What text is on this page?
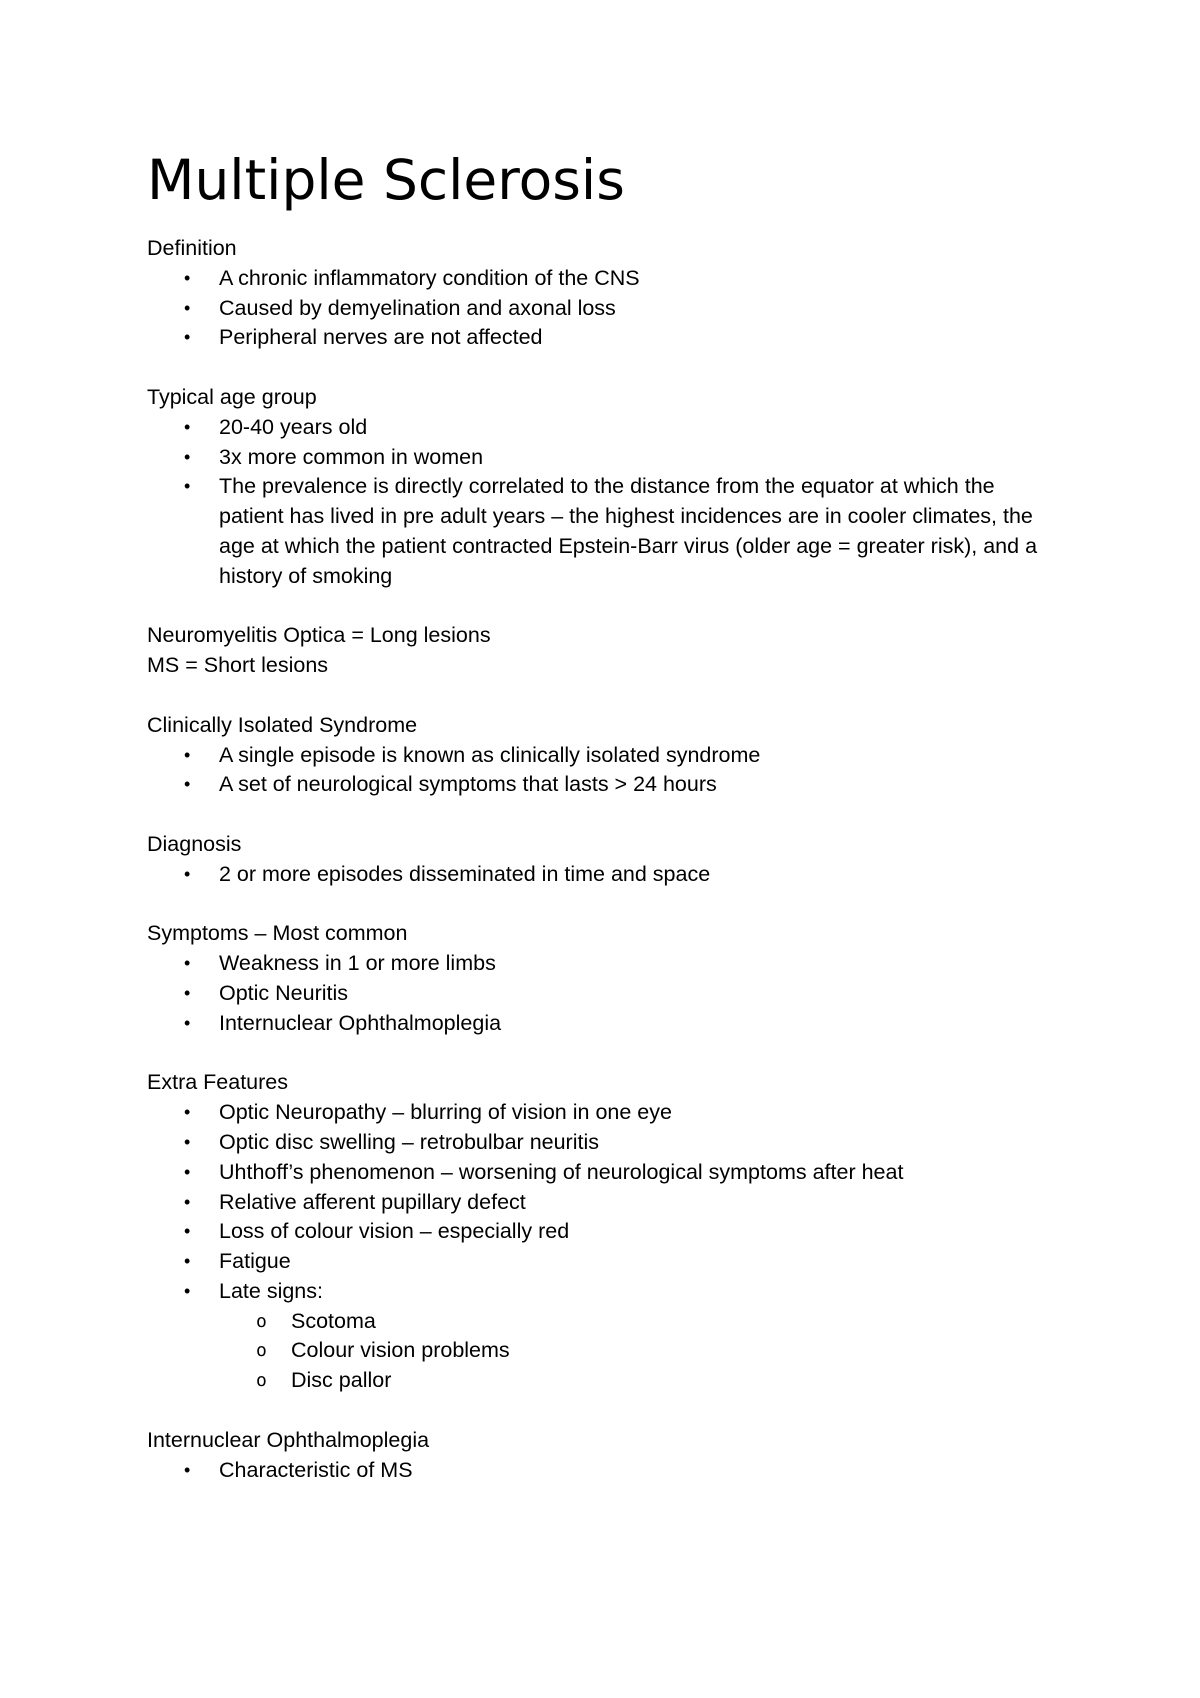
Multiple Sclerosis
Definition
• A chronic inflammatory condition of the CNS
• Caused by demyelination and axonal loss
• Peripheral nerves are not affected
Typical age group
• 20-40 years old
• 3x more common in women
• The prevalence is directly correlated to the distance from the equator at which the patient has lived in pre adult years – the highest incidences are in cooler climates, the age at which the patient contracted Epstein-Barr virus (older age = greater risk), and a history of smoking
Neuromyelitis Optica = Long lesions
MS = Short lesions
Clinically Isolated Syndrome
• A single episode is known as clinically isolated syndrome
• A set of neurological symptoms that lasts > 24 hours
Diagnosis
• 2 or more episodes disseminated in time and space
Symptoms – Most common
• Weakness in 1 or more limbs
• Optic Neuritis
• Internuclear Ophthalmoplegia
Extra Features
• Optic Neuropathy – blurring of vision in one eye
• Optic disc swelling – retrobulbar neuritis
• Uhthoff’s phenomenon – worsening of neurological symptoms after heat
• Relative afferent pupillary defect
• Loss of colour vision – especially red
• Fatigue
• Late signs:
o Scotoma
o Colour vision problems
o Disc pallor
Internuclear Ophthalmoplegia
• Characteristic of MS
